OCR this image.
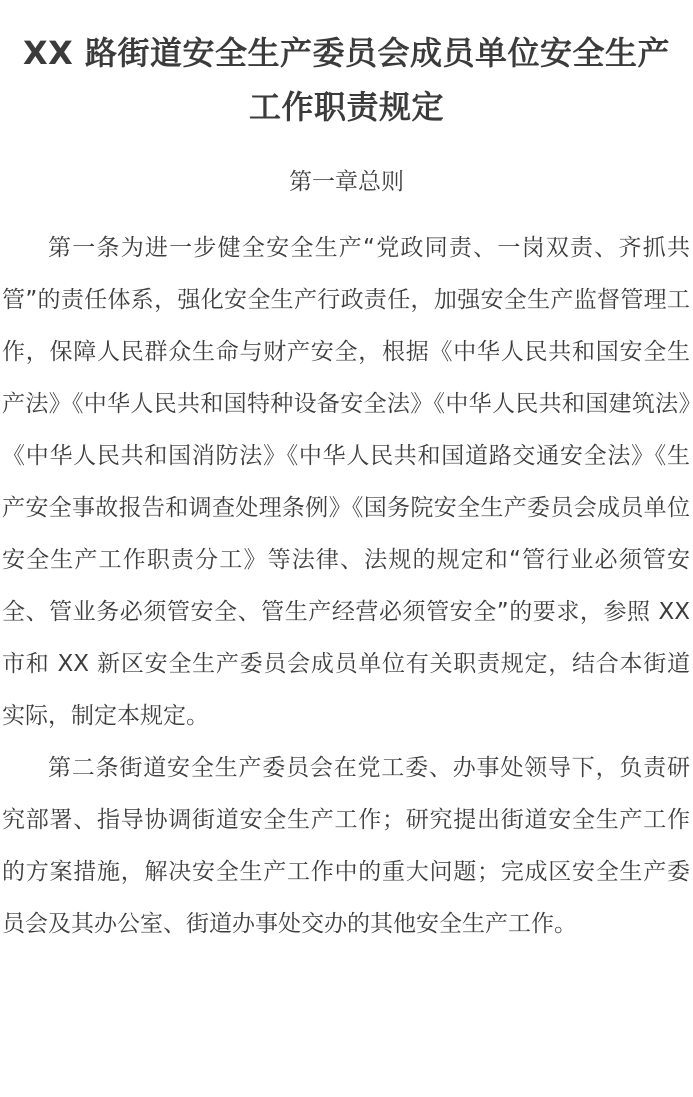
XX 路街道安全生产委员会成员单位安全生产工作职责规定
第一章总则

第一条为进一步健全安全生产“党政同责、一岗双责、齐抓共管”的责任体系，强化安全生产行政责任，加强安全生产监督管理工作，保障人民群众生命与财产安全，根据《中华人民共和国安全生产法》《中华人民共和国特种设备安全法》《中华人民共和国建筑法》《中华人民共和国消防法》《中华人民共和国道路交通安全法》《生产安全事故报告和调查处理条例》《国务院安全生产委员会成员单位安全生产工作职责分工》等法律、法规的规定和“管行业必须管安全、管业务必须管安全、管生产经营必须管安全”的要求，参照 XX 市和 XX 新区安全生产委员会成员单位有关职责规定，结合本街道实际，制定本规定。

第二条街道安全生产委员会在党工委、办事处领导下，负责研究部署、指导协调街道安全生产工作；研究提出街道安全生产工作的方案措施，解决安全生产工作中的重大问题；完成区安全生产委员会及其办公室、街道办事处交办的其他安全生产工作。
